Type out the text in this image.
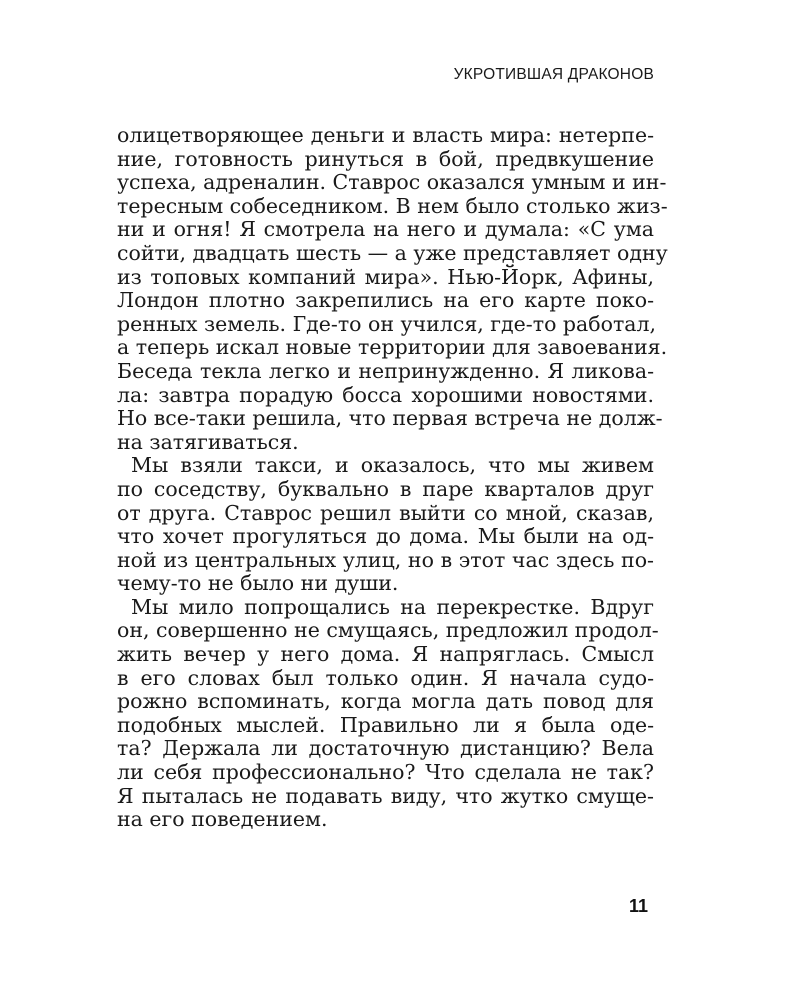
УКРОТИВШАЯ ДРАКОНОВ
олицетворяющее деньги и власть мира: нетерпе-
ние, готовность ринуться в бой, предвкушение
успеха, адреналин. Ставрос оказался умным и ин-
тересным собеседником. В нем было столько жиз-
ни и огня! Я смотрела на него и думала: «С ума
сойти, двадцать шесть — а уже представляет одну
из топовых компаний мира». Нью-Йорк, Афины,
Лондон плотно закрепились на его карте поко-
ренных земель. Где-то он учился, где-то работал,
а теперь искал новые территории для завоевания.
Беседа текла легко и непринужденно. Я ликова-
ла: завтра порадую босса хорошими новостями.
Но все-таки решила, что первая встреча не долж-
на затягиваться.
Мы взяли такси, и оказалось, что мы живем
по соседству, буквально в паре кварталов друг
от друга. Ставрос решил выйти со мной, сказав,
что хочет прогуляться до дома. Мы были на од-
ной из центральных улиц, но в этот час здесь по-
чему-то не было ни души.
Мы мило попрощались на перекрестке. Вдруг
он, совершенно не смущаясь, предложил продол-
жить вечер у него дома. Я напряглась. Смысл
в его словах был только один. Я начала судо-
рожно вспоминать, когда могла дать повод для
подобных мыслей. Правильно ли я была оде-
та? Держала ли достаточную дистанцию? Вела
ли себя профессионально? Что сделала не так?
Я пыталась не подавать виду, что жутко смуще-
на его поведением.
11
